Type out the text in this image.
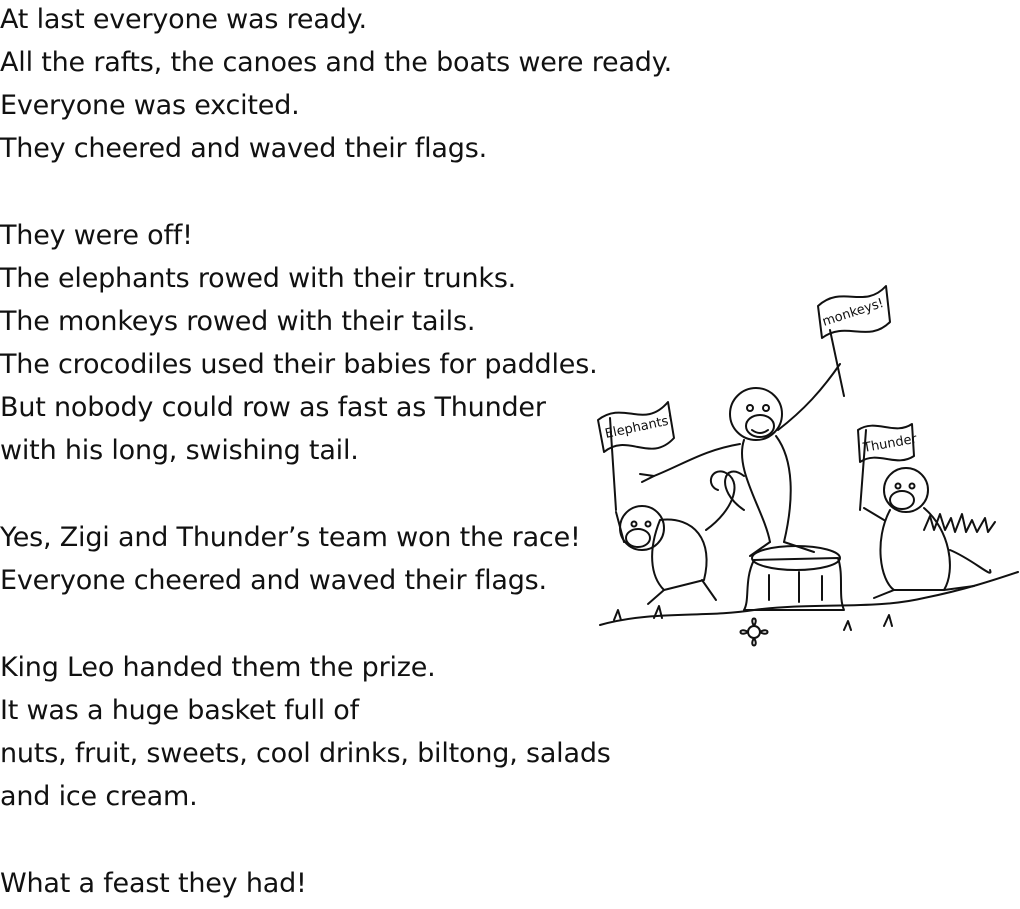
At last everyone was ready.
All the rafts, the canoes and the boats were ready.
Everyone was excited.
They cheered and waved their flags.
They were off!
The elephants rowed with their trunks.
The monkeys rowed with their tails.
The crocodiles used their babies for paddles.
But nobody could row as fast as Thunder
with his long, swishing tail.
Yes, Zigi and Thunder’s team won the race!
Everyone cheered and waved their flags.
King Leo handed them the prize.
It was a huge basket full of
nuts, fruit, sweets, cool drinks, biltong, salads
and ice cream.
What a feast they had!
Elephants!
monkeys!
Thunder
